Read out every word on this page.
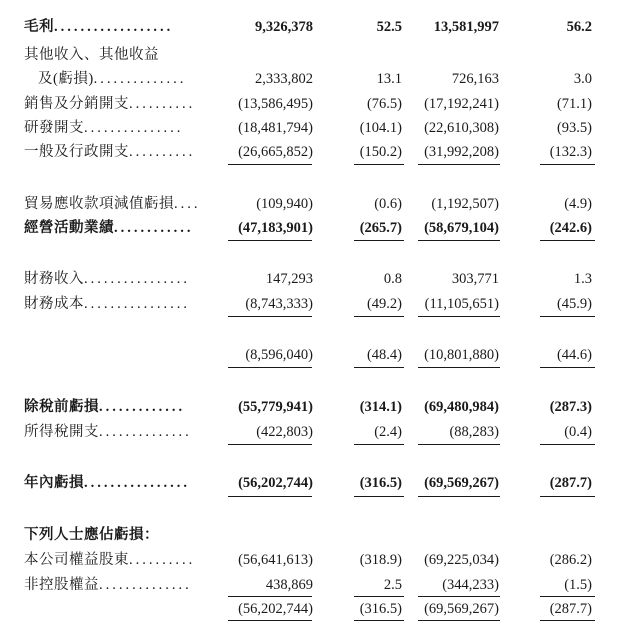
毛利..................	9,326,378	52.5 13,581,997	56.2
其他收入、其他收益
及(虧損)..............	2,333,802	13.1	726,163	3.0
銷售及分銷開支..........	(13,586,495)	(76.5) (17,192,241)	(71.1)
研發開支...............	(18,481,794)	(104.1) (22,610,308)	(93.5)
一般及行政開支..........	(26,665,852)	(150.2) (31,992,208)	(132.3)
貿易應收款項減值虧損....	(109,940)	(0.6) (1,192,507)	(4.9)
經營活動業績............	(47,183,901)	(265.7) (58,679,104)	(242.6)
財務收入................	147,293	0.8	303,771	1.3
財務成本................	(8,743,333)	(49.2) (11,105,651)	(45.9)
(8,596,040)	(48.4) (10,801,880)	(44.6)
除稅前虧損.............	(55,779,941)	(314.1) (69,480,984)	(287.3)
所得稅開支..............	(422,803)	(2.4)	(88,283)	(0.4)
年內虧損................	(56,202,744)	(316.5) (69,569,267)	(287.7)
下列人士應佔虧損：
本公司權益股東..........	(56,641,613)	(318.9) (69,225,034)	(286.2)
非控股權益..............	438,869	2.5	(344,233)	(1.5)
(56,202,744)	(316.5) (69,569,267)	(287.7)
